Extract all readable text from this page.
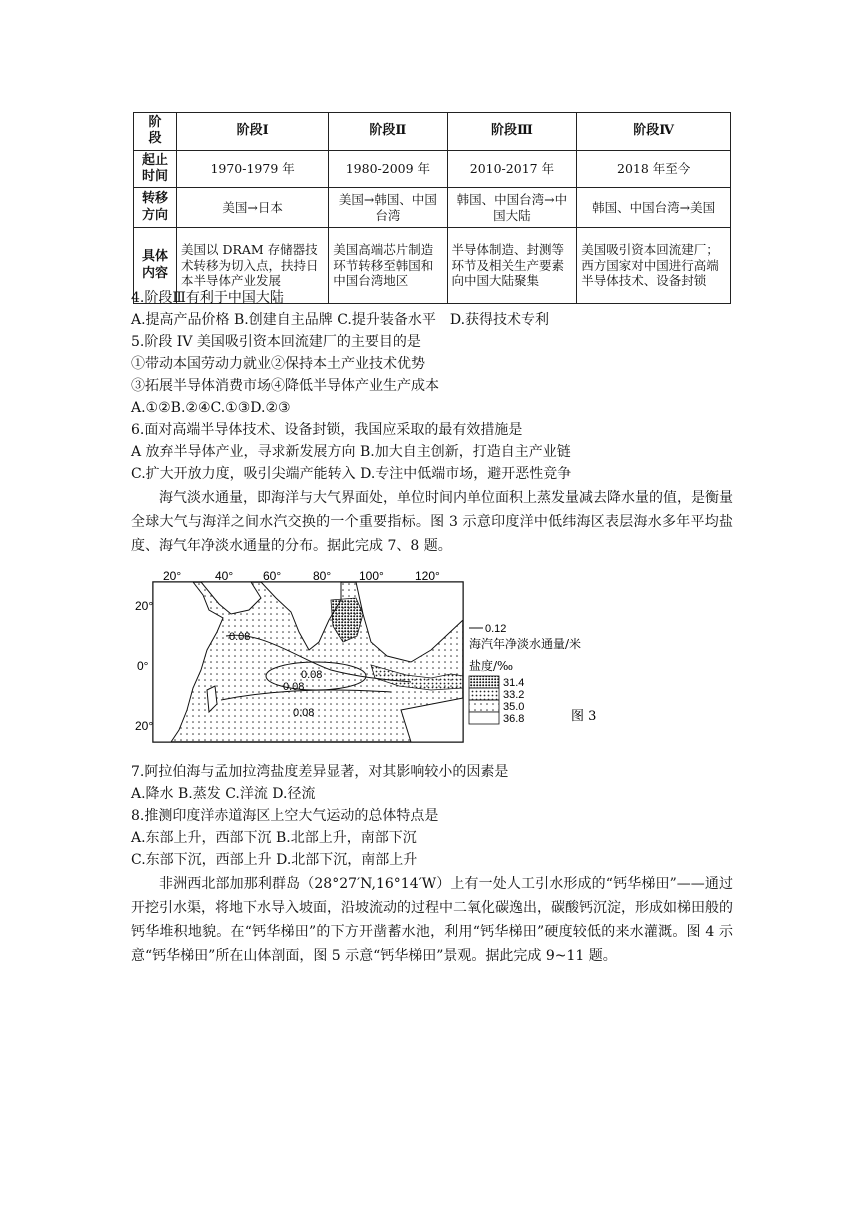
阶　段	阶段Ⅰ	阶段Ⅱ	阶段Ⅲ	阶段Ⅳ
起止时间	1970-1979 年	1980-2009 年	2010-2017 年	2018 年至今
转移方向	美国→日本	美国→韩国、中国台湾	韩国、中国台湾→中国大陆	韩国、中国台湾→美国
具体内容	美国以 DRAM 存储器技术转移为切入点，扶持日本半导体产业发展	美国高端芯片制造环节转移至韩国和中国台湾地区	半导体制造、封测等环节及相关生产要素向中国大陆聚集	美国吸引资本回流建厂；西方国家对中国进行高端半导体技术、设备封锁
4.阶段Ⅲ有利于中国大陆
A.提高产品价格 B.创建自主品牌 C.提升装备水平　D.获得技术专利
5.阶段 IV 美国吸引资本回流建厂的主要目的是
①带动本国劳动力就业②保持本土产业技术优势
③拓展半导体消费市场④降低半导体产业生产成本
A.①②B.②④C.①③D.②③
6.面对高端半导体技术、设备封锁，我国应采取的最有效措施是
A 放弃半导体产业，寻求新发展方向 B.加大自主创新，打造自主产业链
C.扩大开放力度，吸引尖端产能转入 D.专注中低端市场，避开恶性竞争
海气淡水通量，即海洋与大气界面处，单位时间内单位面积上蒸发量减去降水量的值，是衡量全球大气与海洋之间水汽交换的一个重要指标。图 3 示意印度洋中低纬海区表层海水多年平均盐度、海气年净淡水通量的分布。据此完成 7、8 题。
0.08
0.08
0.08
0.08
20°	40° 60°	80° 100°	120°
20°
0°
20°
0.12
海汽年净淡水通量/米
盐度/‰
31.4
33.2
35.0
36.8	图 3
7.阿拉伯海与孟加拉湾盐度差异显著，对其影响较小的因素是
A.降水 B.蒸发 C.洋流 D.径流
8.推测印度洋赤道海区上空大气运动的总体特点是
A.东部上升，西部下沉 B.北部上升，南部下沉
C.东部下沉，西部上升 D.北部下沉，南部上升
非洲西北部加那利群岛（28°27′N,16°14′W）上有一处人工引水形成的“钙华梯田”——通过开挖引水渠，将地下水导入坡面，沿坡流动的过程中二氧化碳逸出，碳酸钙沉淀，形成如梯田般的钙华堆积地貌。在“钙华梯田”的下方开凿蓄水池，利用“钙华梯田”硬度较低的来水灌溉。图 4 示意“钙华梯田”所在山体剖面，图 5 示意“钙华梯田”景观。据此完成 9~11 题。
